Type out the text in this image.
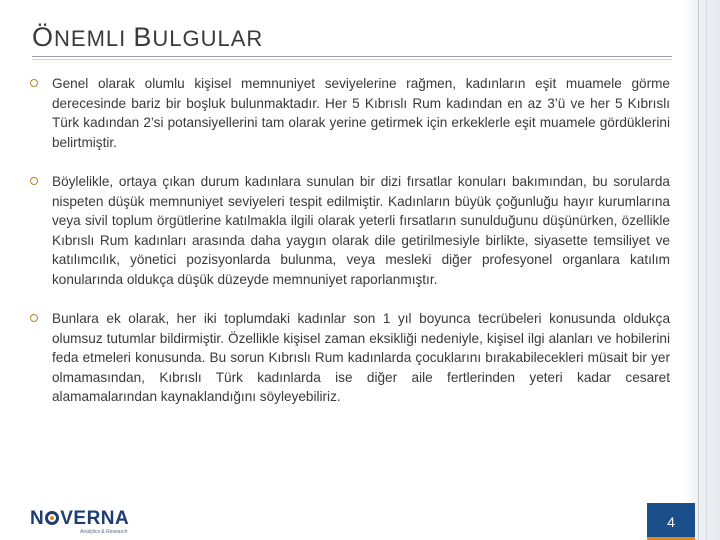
ÖNEMLI BULGULAR
Genel olarak olumlu kişisel memnuniyet seviyelerine rağmen, kadınların eşit muamele görme derecesinde bariz bir boşluk bulunmaktadır. Her 5 Kıbrıslı Rum kadından en az 3’ü ve her 5 Kıbrıslı Türk kadından 2’si potansiyellerini tam olarak yerine getirmek için erkeklerle eşit muamele gördüklerini belirtmiştir.
Böylelikle, ortaya çıkan durum kadınlara sunulan bir dizi fırsatlar konuları bakımından, bu sorularda nispeten düşük memnuniyet seviyeleri tespit edilmiştir. Kadınların büyük çoğunluğu hayır kurumlarına veya sivil toplum örgütlerine katılmakla ilgili olarak yeterli fırsatların sunulduğunu düşünürken, özellikle Kıbrıslı Rum kadınları arasında daha yaygın olarak dile getirilmesiyle birlikte, siyasette temsiliyet ve katılımcılık, yönetici pozisyonlarda bulunma, veya mesleki diğer profesyonel organlara katılım konularında oldukça düşük düzeyde memnuniyet raporlanmıştır.
Bunlara ek olarak, her iki toplumdaki kadınlar son 1 yıl boyunca tecrübeleri konusunda oldukça olumsuz tutumlar bildirmiştir. Özellikle kişisel zaman eksikliği nedeniyle, kişisel ilgi alanları ve hobilerini feda etmeleri konusunda. Bu sorun Kıbrıslı Rum kadınlarda çocuklarını bırakabilecekleri müsait bir yer olmamasından, Kıbrıslı Türk kadınlarda ise diğer aile fertlerinden yeteri kadar cesaret alamamalarından kaynaklandığını söyleyebiliriz.
N VERNA
Analytics & Research
4
